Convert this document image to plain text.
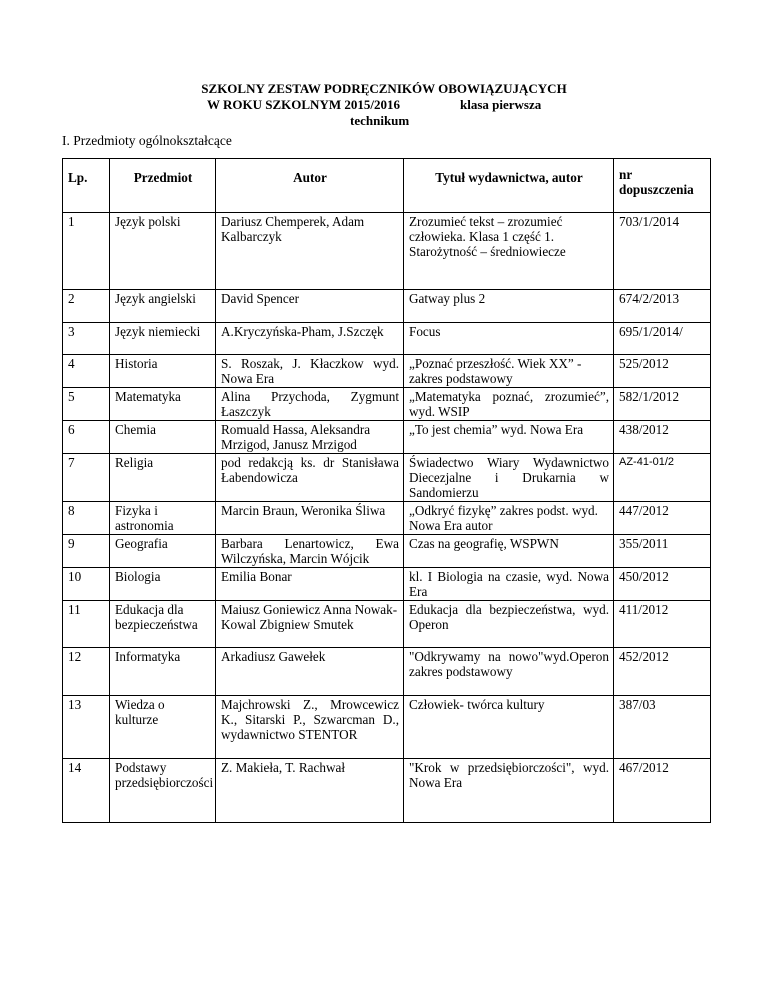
SZKOLNY ZESTAW PODRĘCZNIKÓW OBOWIĄZUJĄCYCH
W ROKU SZKOLNYM 2015/2016	klasa pierwsza
technikum
I. Przedmioty ogólnokształcące
Lp.	Przedmiot	Autor	Tytuł wydawnictwa, autor	nr dopuszczenia
1	Język polski	Dariusz Chemperek, Adam Kalbarczyk	Zrozumieć tekst – zrozumieć człowieka. Klasa 1 część 1. Starożytność – średniowiecze	703/1/2014
2	Język angielski	David Spencer	Gatway plus 2	674/2/2013
3	Język niemiecki	A.Kryczyńska-Pham, J.Szczęk	Focus	695/1/2014/
4	Historia	S. Roszak, J. Kłaczkow wyd. Nowa Era	„Poznać przeszłość. Wiek XX” - zakres podstawowy	525/2012
5	Matematyka	Alina Przychoda, Zygmunt Łaszczyk	„Matematyka poznać, zrozumieć”, wyd. WSIP	582/1/2012
6	Chemia	Romuald Hassa, Aleksandra Mrzigod, Janusz Mrzigod	„To jest chemia” wyd. Nowa Era	438/2012
7	Religia	pod redakcją ks. dr Stanisława Łabendowicza	Świadectwo Wiary Wydawnictwo Diecezjalne i Drukarnia w Sandomierzu	AZ-41-01/2
8	Fizyka i astronomia	Marcin Braun, Weronika Śliwa	„Odkryć fizykę” zakres podst. wyd. Nowa Era autor	447/2012
9	Geografia	Barbara Lenartowicz, Ewa Wilczyńska, Marcin Wójcik	Czas na geografię, WSPWN	355/2011
10	Biologia	Emilia Bonar	kl. I Biologia na czasie, wyd. Nowa Era	450/2012
11	Edukacja dla bezpieczeństwa	Maiusz Goniewicz Anna Nowak-Kowal Zbigniew Smutek	Edukacja dla bezpieczeństwa, wyd. Operon	411/2012
12	Informatyka	Arkadiusz Gawełek	"Odkrywamy na nowo"wyd.Operon zakres podstawowy	452/2012
13	Wiedza o kulturze	Majchrowski Z., Mrowcewicz K., Sitarski P., Szwarcman D., wydawnictwo STENTOR	Człowiek- twórca kultury	387/03
14	Podstawy przedsiębiorczości	Z. Makieła, T. Rachwał	"Krok w przedsiębiorczości", wyd. Nowa Era	467/2012
